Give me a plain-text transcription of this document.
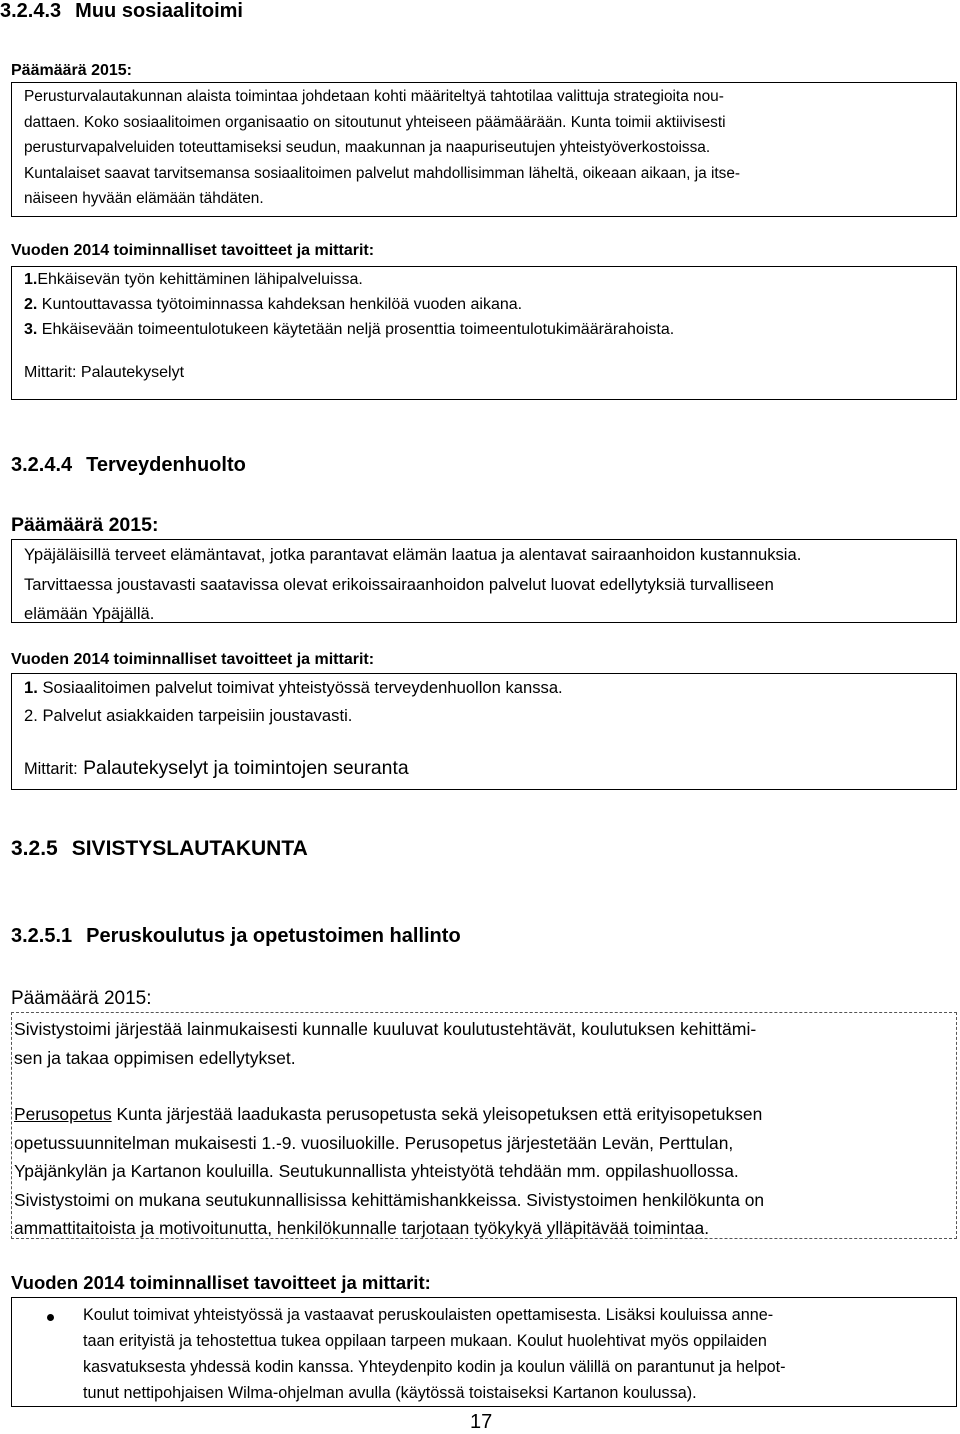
3.2.4.3 Muu sosiaalitoimi
Päämäärä 2015:
Perusturvalautakunnan alaista toimintaa johdetaan kohti määriteltyä tahtotilaa valittuja strategioita nou-
dattaen. Koko sosiaalitoimen organisaatio on sitoutunut yhteiseen päämäärään. Kunta toimii aktiivisesti
perusturvapalveluiden toteuttamiseksi seudun, maakunnan ja naapuriseutujen yhteistyöverkostoissa.
Kuntalaiset saavat tarvitsemansa sosiaalitoimen palvelut mahdollisimman läheltä, oikeaan aikaan, ja itse-
näiseen hyvään elämään tähdäten.
Vuoden 2014 toiminnalliset tavoitteet ja mittarit:
1.Ehkäisevän työn kehittäminen lähipalveluissa.
2. Kuntouttavassa työtoiminnassa kahdeksan henkilöä vuoden aikana.
3. Ehkäisevään toimeentulotukeen käytetään neljä prosenttia toimeentulotukimäärärahoista.
Mittarit: Palautekyselyt
3.2.4.4 Terveydenhuolto
Päämäärä 2015:
Ypäjäläisillä terveet elämäntavat, jotka parantavat elämän laatua ja alentavat sairaanhoidon kustannuksia.
Tarvittaessa joustavasti saatavissa olevat erikoissairaanhoidon palvelut luovat edellytyksiä turvalliseen
elämään Ypäjällä.
Vuoden 2014 toiminnalliset tavoitteet ja mittarit:
1. Sosiaalitoimen palvelut toimivat yhteistyössä terveydenhuollon kanssa.
2. Palvelut asiakkaiden tarpeisiin joustavasti.
Mittarit: Palautekyselyt ja toimintojen seuranta
3.2.5 SIVISTYSLAUTAKUNTA
3.2.5.1 Peruskoulutus ja opetustoimen hallinto
Päämäärä 2015:
Sivistystoimi järjestää lainmukaisesti kunnalle kuuluvat koulutustehtävät, koulutuksen kehittämi-
sen ja takaa oppimisen edellytykset.
Perusopetus Kunta järjestää laadukasta perusopetusta sekä yleisopetuksen että erityisopetuksen
opetussuunnitelman mukaisesti 1.-9. vuosiluokille. Perusopetus järjestetään Levän, Perttulan,
Ypäjänkylän ja Kartanon kouluilla. Seutukunnallista yhteistyötä tehdään mm. oppilashuollossa.
Sivistystoimi on mukana seutukunnallisissa kehittämishankkeissa. Sivistystoimen henkilökunta on
ammattitaitoista ja motivoitunutta, henkilökunnalle tarjotaan työkykyä ylläpitävää toimintaa.
Vuoden 2014 toiminnalliset tavoitteet ja mittarit:
Koulut toimivat yhteistyössä ja vastaavat peruskoulaisten opettamisesta. Lisäksi kouluissa anne-
taan erityistä ja tehostettua tukea oppilaan tarpeen mukaan. Koulut huolehtivat myös oppilaiden
kasvatuksesta yhdessä kodin kanssa. Yhteydenpito kodin ja koulun välillä on parantunut ja helpot-
tunut nettipohjaisen Wilma-ohjelman avulla (käytössä toistaiseksi Kartanon koulussa).
17
